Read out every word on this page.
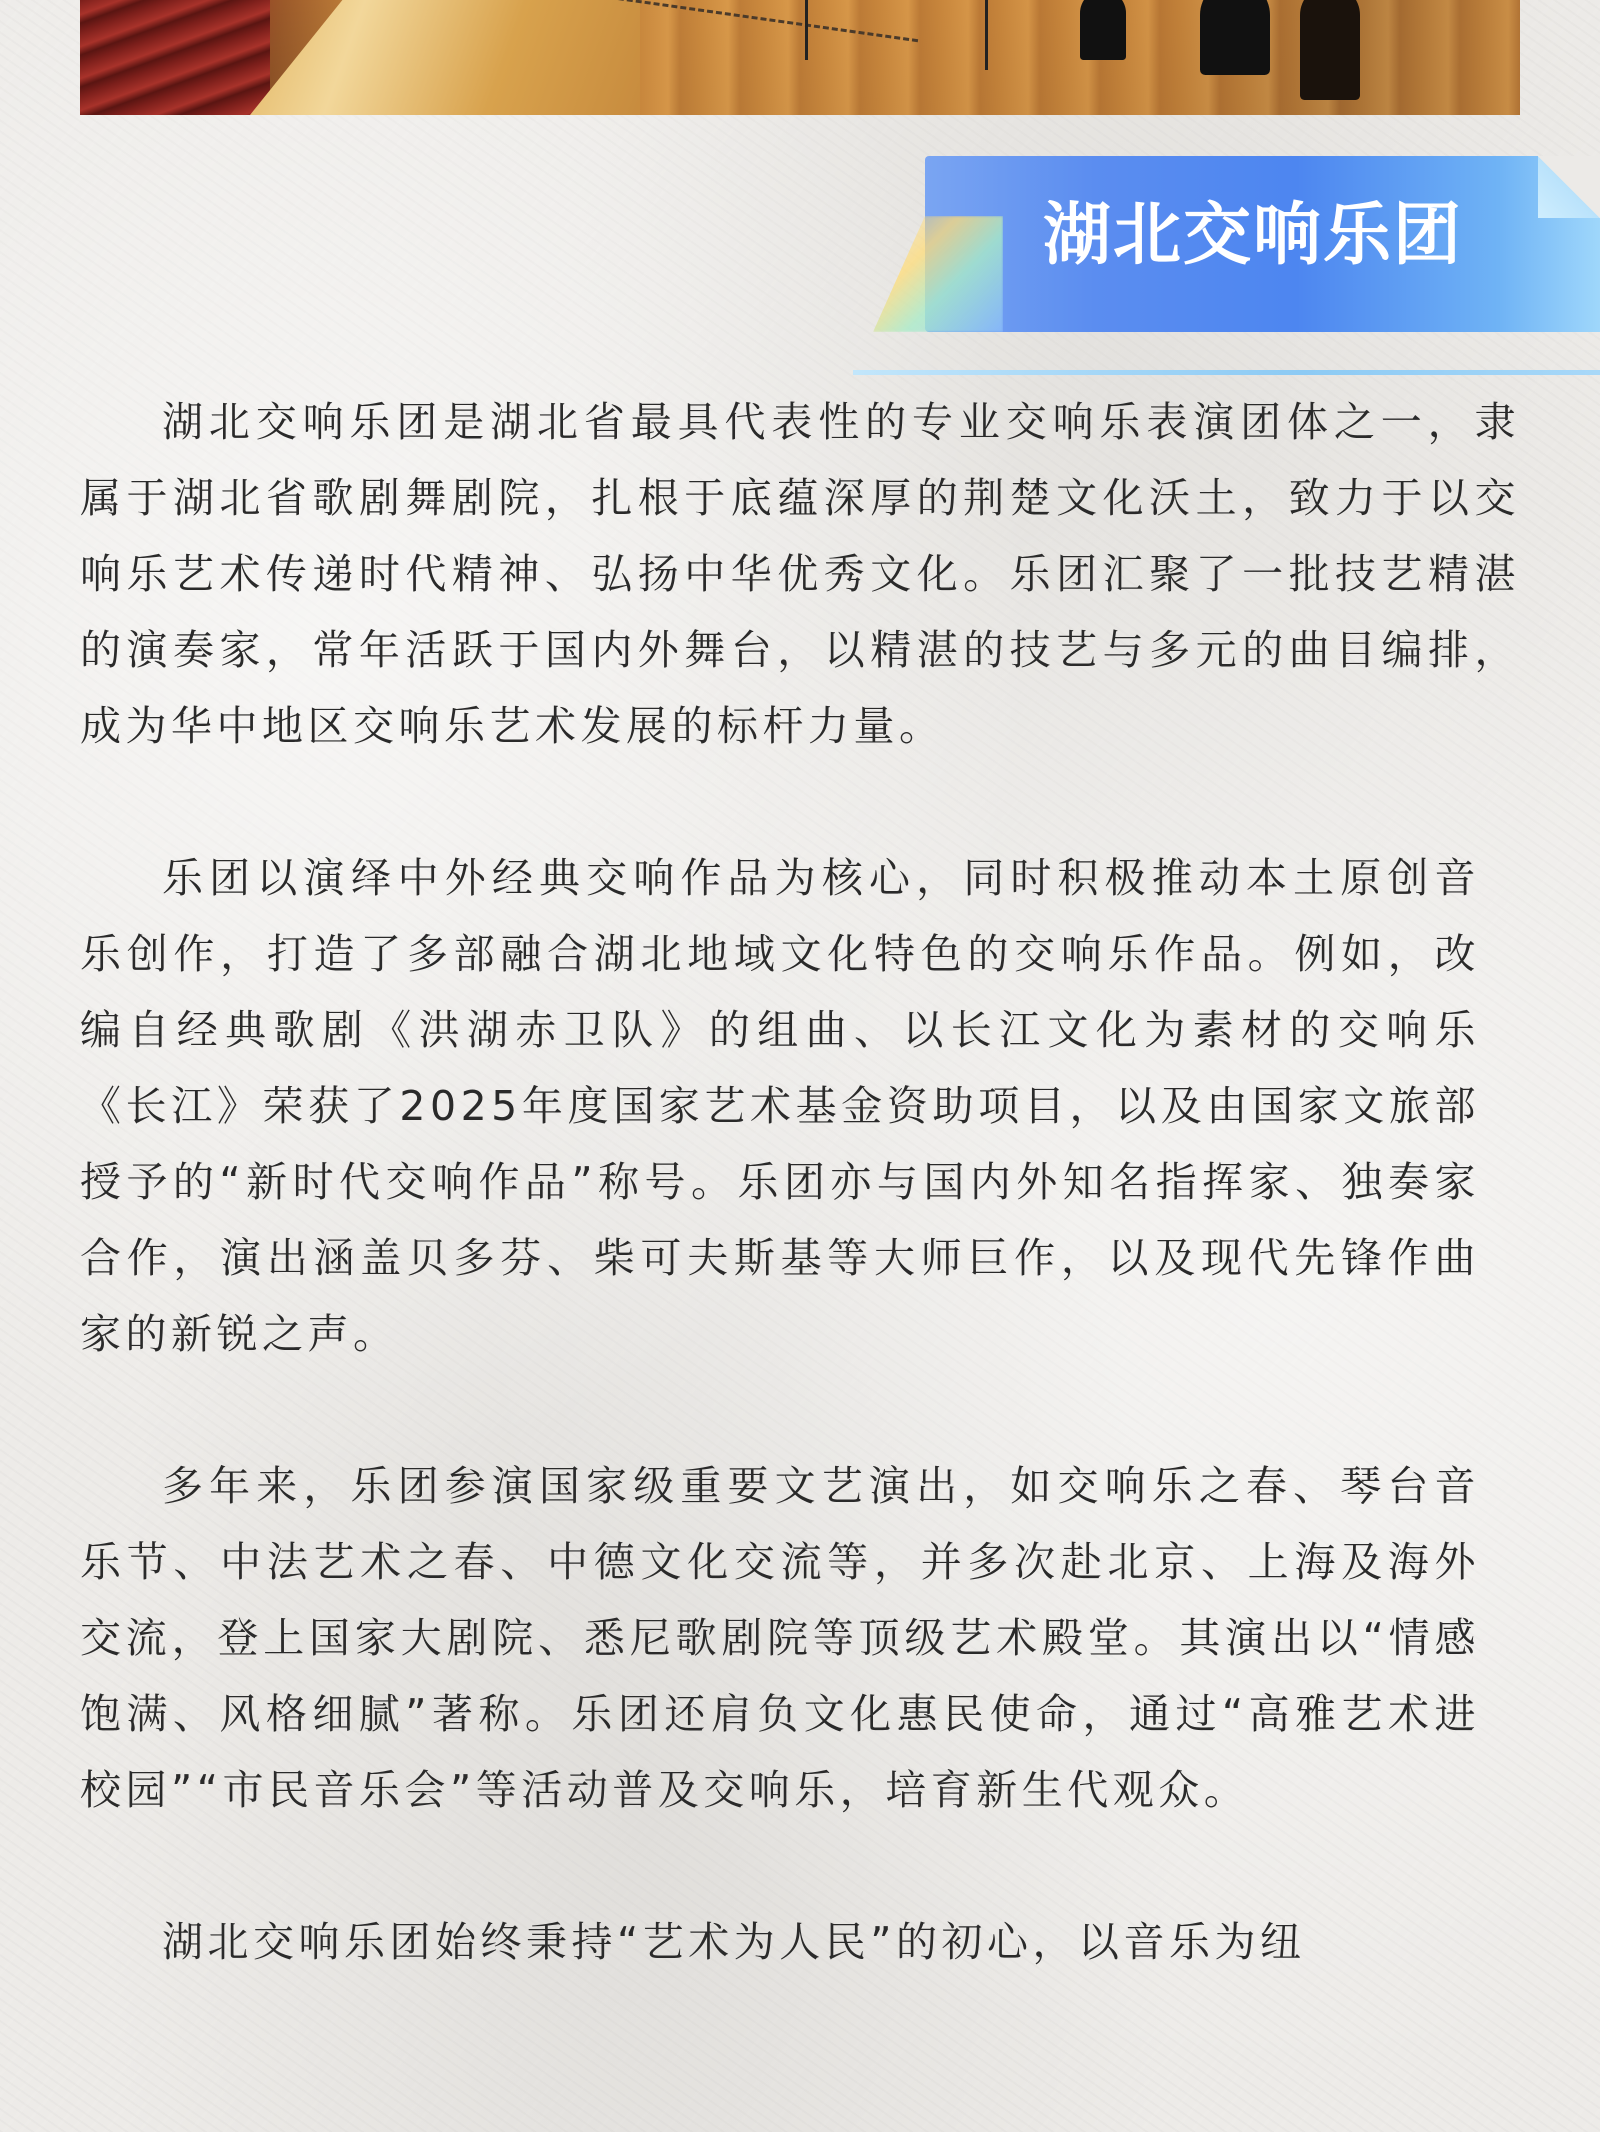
湖北交响乐团

湖北交响乐团是湖北省最具代表性的专业交响乐表演团体之一，隶属于湖北省歌剧舞剧院，扎根于底蕴深厚的荆楚文化沃土，致力于以交响乐艺术传递时代精神、弘扬中华优秀文化。乐团汇聚了一批技艺精湛的演奏家，常年活跃于国内外舞台，以精湛的技艺与多元的曲目编排，成为华中地区交响乐艺术发展的标杆力量。

乐团以演绎中外经典交响作品为核心，同时积极推动本土原创音乐创作，打造了多部融合湖北地域文化特色的交响乐作品。例如，改编自经典歌剧《洪湖赤卫队》的组曲、以长江文化为素材的交响乐《长江》荣获了2025年度国家艺术基金资助项目，以及由国家文旅部授予的“新时代交响作品”称号。乐团亦与国内外知名指挥家、独奏家合作，演出涵盖贝多芬、柴可夫斯基等大师巨作，以及现代先锋作曲家的新锐之声。

多年来，乐团参演国家级重要文艺演出，如交响乐之春、琴台音乐节、中法艺术之春、中德文化交流等，并多次赴北京、上海及海外交流，登上国家大剧院、悉尼歌剧院等顶级艺术殿堂。其演出以“情感饱满、风格细腻”著称。乐团还肩负文化惠民使命，通过“高雅艺术进校园”“市民音乐会”等活动普及交响乐，培育新生代观众。

湖北交响乐团始终秉持“艺术为人民”的初心，以音乐为纽
